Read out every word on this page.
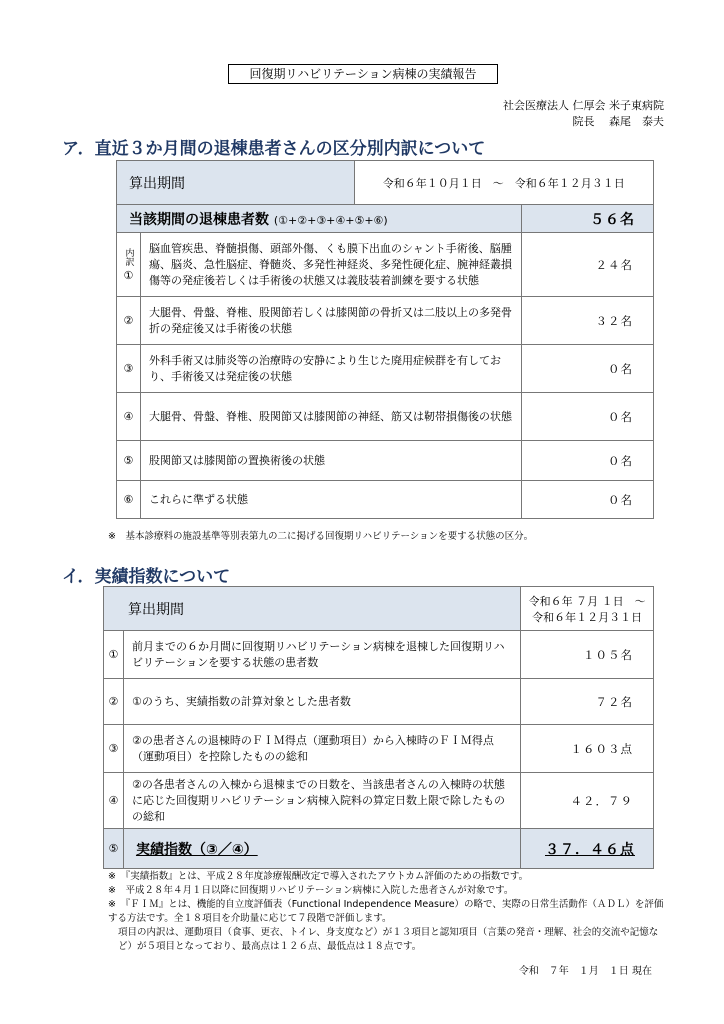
回復期リハビリテーション病棟の実績報告
社会医療法人 仁厚会 米子東病院
院長　 森尾　泰夫
ア．直近３か月間の退棟患者さんの区分別内訳について
算出期間		令和６年１０月１日　～　令和６年１２月３１日	
当該期間の退棟患者数 (①+②+③+④+⑤+⑥)			５６名
内訳
①	脳血管疾患、脊髄損傷、頭部外傷、くも膜下出血のシャント手術後、脳腫瘍、脳炎、急性脳症、脊髄炎、多発性神経炎、多発性硬化症、腕神経叢損傷等の発症後若しくは手術後の状態又は義肢装着訓練を要する状態		２４名
②	大腿骨、骨盤、脊椎、股関節若しくは膝関節の骨折又は二肢以上の多発骨折の発症後又は手術後の状態		３２名
③	外科手術又は肺炎等の治療時の安静により生じた廃用症候群を有しており、手術後又は発症後の状態		０名
④	大腿骨、骨盤、脊椎、股関節又は膝関節の神経、筋又は靭帯損傷後の状態		０名
⑤	股関節又は膝関節の置換術後の状態		０名
⑥	これらに準ずる状態		０名
※　基本診療料の施設基準等別表第九の二に掲げる回復期リハビリテーションを要する状態の区分。
イ．実績指数について
算出期間		令和６年 ７月 １日　～　令和６年１２月３１日
①	前月までの６か月間に回復期リハビリテーション病棟を退棟した回復期リハビリテーションを要する状態の患者数	１０５名
②	①のうち、実績指数の計算対象とした患者数	７２名
③	②の患者さんの退棟時のＦＩＭ得点（運動項目）から入棟時のＦＩＭ得点（運動項目）を控除したものの総和	１６０３点
④	②の各患者さんの入棟から退棟までの日数を、当該患者さんの入棟時の状態に応じた回復期リハビリテーション病棟入院料の算定日数上限で除したものの総和	４２．７９
⑤	実績指数（③／④）	３７．４６点
※　『実績指数』とは、平成２８年度診療報酬改定で導入されたアウトカム評価のための指数です。
※　平成２８年４月１日以降に回復期リハビリテーション病棟に入院した患者さんが対象です。
※　『ＦＩＭ』とは、機能的自立度評価表（Functional Independence Measure）の略で、実際の日常生活動作（ＡＤＬ）を評価する方法です。全１８項目を介助量に応じて７段階で評価します。
項目の内訳は、運動項目（食事、更衣、トイレ、身支度など）が１３項目と認知項目（言葉の発音・理解、社会的交流や記憶など）が５項目となっており、最高点は１２６点、最低点は１８点です。
令和　７年　１月　１日 現在
